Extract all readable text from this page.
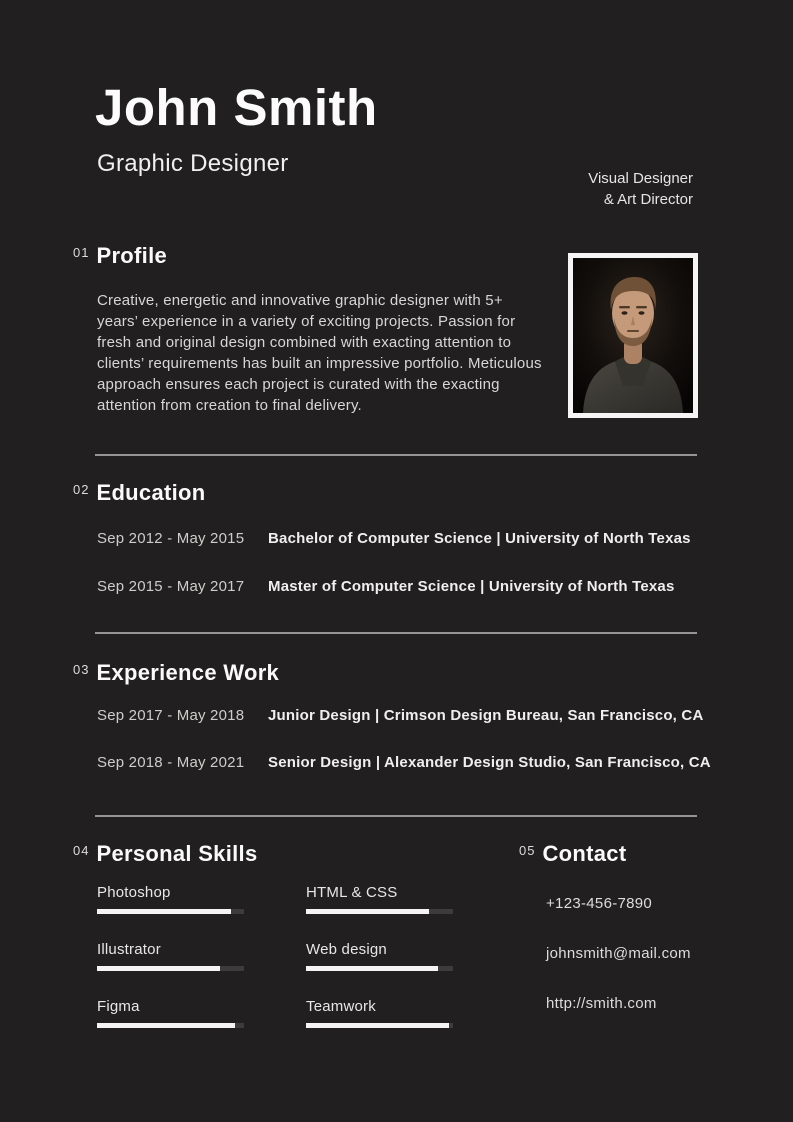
John Smith
Graphic Designer
Visual Designer
& Art Director
$^{01}$ Profile
Creative, energetic and innovative graphic designer with 5+ years’ experience in a variety of exciting projects. Passion for fresh and original design combined with exacting attention to clients’ requirements has built an impressive portfolio. Meticulous approach ensures each project is curated with the exacting attention from creation to final delivery.
$^{02}$ Education
Sep 2012 - May 2015	Bachelor of Computer Science | University of North Texas
Sep 2015 - May 2017	Master of Computer Science | University of North Texas
$^{03}$ Experience Work
Sep 2017 - May 2018	Junior Design | Crimson Design Bureau, San Francisco, CA
Sep 2018 - May 2021	Senior Design | Alexander Design Studio, San Francisco, CA
$^{04}$ Personal Skills
Photoshop
Illustrator
Figma
HTML & CSS
Web design
Teamwork
$^{05}$ Contact
+123-456-7890
johnsmith@mail.com
http://smith.com
